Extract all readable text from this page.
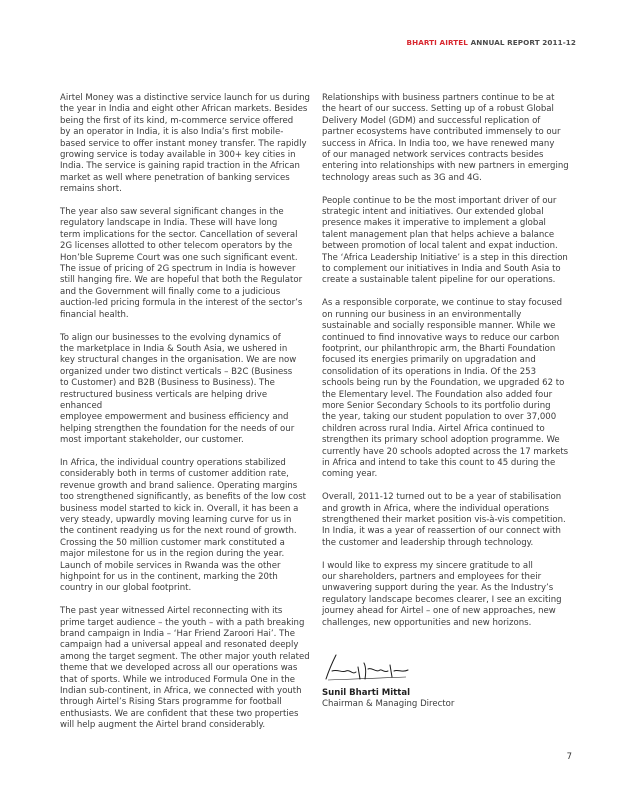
BHARTI AIRTEL ANNUAL REPORT 2011-12

Airtel Money was a distinctive service launch for us during
the year in India and eight other African markets. Besides
being the first of its kind, m-commerce service offered
by an operator in India, it is also India’s first mobile-
based service to offer instant money transfer. The rapidly
growing service is today available in 300+ key cities in
India. The service is gaining rapid traction in the African
market as well where penetration of banking services
remains short.

The year also saw several significant changes in the
regulatory landscape in India. These will have long
term implications for the sector. Cancellation of several
2G licenses allotted to other telecom operators by the
Hon’ble Supreme Court was one such significant event.
The issue of pricing of 2G spectrum in India is however
still hanging fire. We are hopeful that both the Regulator
and the Government will finally come to a judicious
auction-led pricing formula in the interest of the sector’s
financial health.

To align our businesses to the evolving dynamics of
the marketplace in India & South Asia, we ushered in
key structural changes in the organisation. We are now
organized under two distinct verticals – B2C (Business
to Customer) and B2B (Business to Business). The
restructured business verticals are helping drive enhanced
employee empowerment and business efficiency and
helping strengthen the foundation for the needs of our
most important stakeholder, our customer.

In Africa, the individual country operations stabilized
considerably both in terms of customer addition rate,
revenue growth and brand salience. Operating margins
too strengthened significantly, as benefits of the low cost
business model started to kick in. Overall, it has been a
very steady, upwardly moving learning curve for us in
the continent readying us for the next round of growth.
Crossing the 50 million customer mark constituted a
major milestone for us in the region during the year.
Launch of mobile services in Rwanda was the other
highpoint for us in the continent, marking the 20th
country in our global footprint.

The past year witnessed Airtel reconnecting with its
prime target audience – the youth – with a path breaking
brand campaign in India – ‘Har Friend Zaroori Hai’. The
campaign had a universal appeal and resonated deeply
among the target segment. The other major youth related
theme that we developed across all our operations was
that of sports. While we introduced Formula One in the
Indian sub-continent, in Africa, we connected with youth
through Airtel’s Rising Stars programme for football
enthusiasts. We are confident that these two properties
will help augment the Airtel brand considerably.

Relationships with business partners continue to be at
the heart of our success. Setting up of a robust Global
Delivery Model (GDM) and successful replication of
partner ecosystems have contributed immensely to our
success in Africa. In India too, we have renewed many
of our managed network services contracts besides
entering into relationships with new partners in emerging
technology areas such as 3G and 4G.

People continue to be the most important driver of our
strategic intent and initiatives. Our extended global
presence makes it imperative to implement a global
talent management plan that helps achieve a balance
between promotion of local talent and expat induction.
The ‘Africa Leadership Initiative’ is a step in this direction
to complement our initiatives in India and South Asia to
create a sustainable talent pipeline for our operations.

As a responsible corporate, we continue to stay focused
on running our business in an environmentally
sustainable and socially responsible manner. While we
continued to find innovative ways to reduce our carbon
footprint, our philanthropic arm, the Bharti Foundation
focused its energies primarily on upgradation and
consolidation of its operations in India. Of the 253
schools being run by the Foundation, we upgraded 62 to
the Elementary level. The Foundation also added four
more Senior Secondary Schools to its portfolio during
the year, taking our student population to over 37,000
children across rural India. Airtel Africa continued to
strengthen its primary school adoption programme. We
currently have 20 schools adopted across the 17 markets
in Africa and intend to take this count to 45 during the
coming year.

Overall, 2011-12 turned out to be a year of stabilisation
and growth in Africa, where the individual operations
strengthened their market position vis-à-vis competition.
In India, it was a year of reassertion of our connect with
the customer and leadership through technology.

I would like to express my sincere gratitude to all
our shareholders, partners and employees for their
unwavering support during the year. As the Industry’s
regulatory landscape becomes clearer, I see an exciting
journey ahead for Airtel – one of new approaches, new
challenges, new opportunities and new horizons.

Sunil Bharti Mittal
Chairman & Managing Director
7
